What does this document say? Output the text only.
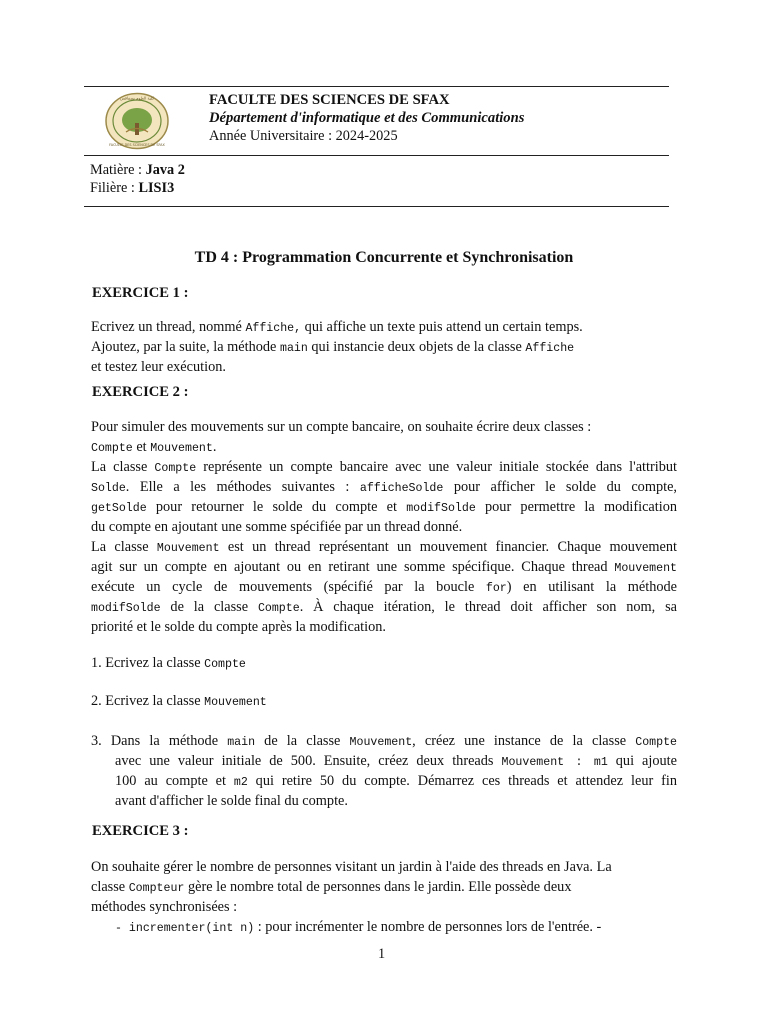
كلية العلوم بصفاقس
FACULTE DES SCIENCES DE SFAX
FACULTE DES SCIENCES DE SFAX
Département d'informatique et des Communications
Année Universitaire : 2024-2025
Matière : Java 2
Filière : LISI3
TD 4 : Programmation Concurrente et Synchronisation
EXERCICE 1 :
Ecrivez un thread, nommé Affiche, qui affiche un texte puis attend un certain temps.
Ajoutez, par la suite, la méthode main qui instancie deux objets de la classe Affiche
et testez leur exécution.
EXERCICE 2 :
Pour simuler des mouvements sur un compte bancaire, on souhaite écrire deux classes :
Compte et Mouvement.
La classe Compte représente un compte bancaire avec une valeur initiale stockée dans l'attribut
Solde. Elle a les méthodes suivantes : afficheSolde pour afficher le solde du compte,
getSolde pour retourner le solde du compte et modifSolde pour permettre la modification
du compte en ajoutant une somme spécifiée par un thread donné.
La classe Mouvement est un thread représentant un mouvement financier. Chaque mouvement
agit sur un compte en ajoutant ou en retirant une somme spécifique. Chaque thread Mouvement
exécute un cycle de mouvements (spécifié par la boucle for) en utilisant la méthode
modifSolde de la classe Compte. À chaque itération, le thread doit afficher son nom, sa
priorité et le solde du compte après la modification.
1. Ecrivez la classe Compte
2. Ecrivez la classe Mouvement
3. Dans la méthode main de la classe Mouvement, créez une instance de la classe Compte
avec une valeur initiale de 500. Ensuite, créez deux threads Mouvement : m1 qui ajoute
100 au compte et m2 qui retire 50 du compte. Démarrez ces threads et attendez leur fin
avant d'afficher le solde final du compte.
EXERCICE 3 :
On souhaite gérer le nombre de personnes visitant un jardin à l'aide des threads en Java. La
classe Compteur gère le nombre total de personnes dans le jardin. Elle possède deux
méthodes synchronisées :
- incrementer(int n) : pour incrémenter le nombre de personnes lors de l'entrée. -
1
